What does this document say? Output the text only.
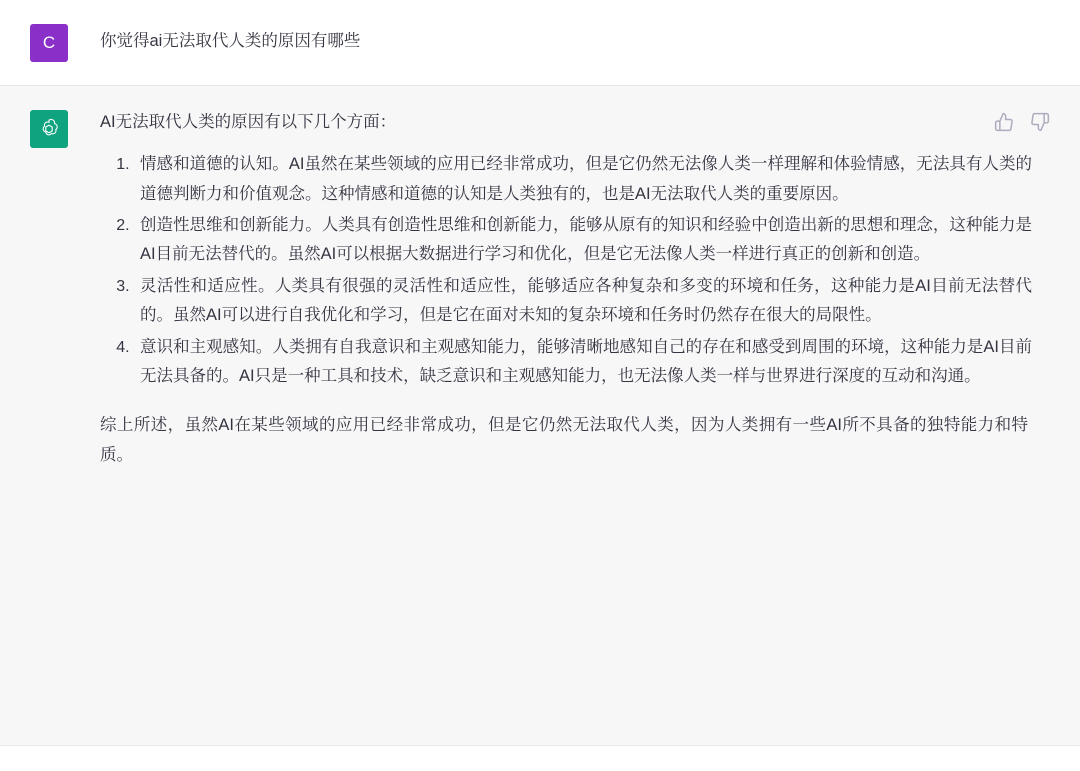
C	你觉得ai无法取代人类的原因有哪些
AI无法取代人类的原因有以下几个方面：
1. 情感和道德的认知。AI虽然在某些领域的应用已经非常成功，但是它仍然无法像人类一样理解和体验情感，无法具有人类的道德判断力和价值观念。这种情感和道德的认知是人类独有的，也是AI无法取代人类的重要原因。
2. 创造性思维和创新能力。人类具有创造性思维和创新能力，能够从原有的知识和经验中创造出新的思想和理念，这种能力是AI目前无法替代的。虽然AI可以根据大数据进行学习和优化，但是它无法像人类一样进行真正的创新和创造。
3. 灵活性和适应性。人类具有很强的灵活性和适应性，能够适应各种复杂和多变的环境和任务，这种能力是AI目前无法替代的。虽然AI可以进行自我优化和学习，但是它在面对未知的复杂环境和任务时仍然存在很大的局限性。
4. 意识和主观感知。人类拥有自我意识和主观感知能力，能够清晰地感知自己的存在和感受到周围的环境，这种能力是AI目前无法具备的。AI只是一种工具和技术，缺乏意识和主观感知能力，也无法像人类一样与世界进行深度的互动和沟通。
综上所述，虽然AI在某些领域的应用已经非常成功，但是它仍然无法取代人类，因为人类拥有一些AI所不具备的独特能力和特质。
